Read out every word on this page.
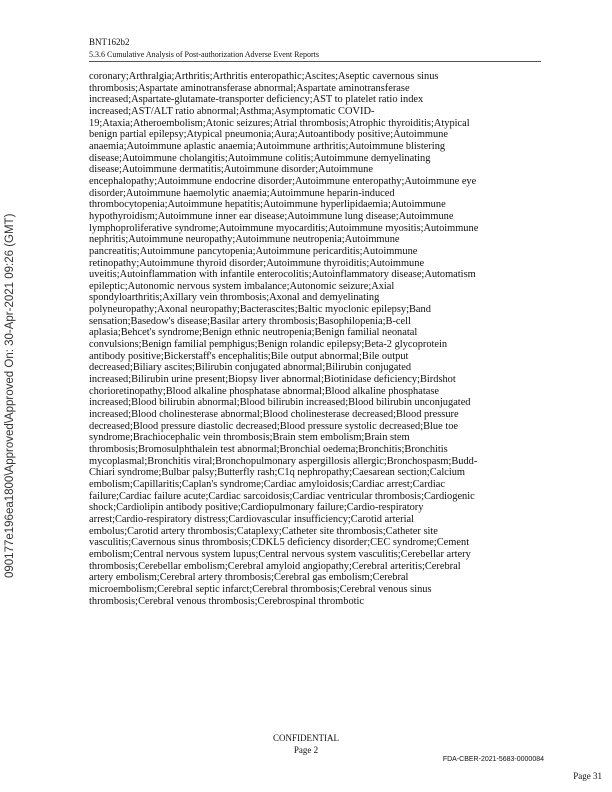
BNT162b2
5.3.6 Cumulative Analysis of Post-authorization Adverse Event Reports
coronary;Arthralgia;Arthritis;Arthritis enteropathic;Ascites;Aseptic cavernous sinus
thrombosis;Aspartate aminotransferase abnormal;Aspartate aminotransferase
increased;Aspartate-glutamate-transporter deficiency;AST to platelet ratio index
increased;AST/ALT ratio abnormal;Asthma;Asymptomatic COVID-
19;Ataxia;Atheroembolism;Atonic seizures;Atrial thrombosis;Atrophic thyroiditis;Atypical
benign partial epilepsy;Atypical pneumonia;Aura;Autoantibody positive;Autoimmune
anaemia;Autoimmune aplastic anaemia;Autoimmune arthritis;Autoimmune blistering
disease;Autoimmune cholangitis;Autoimmune colitis;Autoimmune demyelinating
disease;Autoimmune dermatitis;Autoimmune disorder;Autoimmune
encephalopathy;Autoimmune endocrine disorder;Autoimmune enteropathy;Autoimmune eye
disorder;Autoimmune haemolytic anaemia;Autoimmune heparin-induced
thrombocytopenia;Autoimmune hepatitis;Autoimmune hyperlipidaemia;Autoimmune
hypothyroidism;Autoimmune inner ear disease;Autoimmune lung disease;Autoimmune
lymphoproliferative syndrome;Autoimmune myocarditis;Autoimmune myositis;Autoimmune
nephritis;Autoimmune neuropathy;Autoimmune neutropenia;Autoimmune
pancreatitis;Autoimmune pancytopenia;Autoimmune pericarditis;Autoimmune
retinopathy;Autoimmune thyroid disorder;Autoimmune thyroiditis;Autoimmune
uveitis;Autoinflammation with infantile enterocolitis;Autoinflammatory disease;Automatism
epileptic;Autonomic nervous system imbalance;Autonomic seizure;Axial
spondyloarthritis;Axillary vein thrombosis;Axonal and demyelinating
polyneuropathy;Axonal neuropathy;Bacterascites;Baltic myoclonic epilepsy;Band
sensation;Basedow's disease;Basilar artery thrombosis;Basophilopenia;B-cell
aplasia;Behcet's syndrome;Benign ethnic neutropenia;Benign familial neonatal
convulsions;Benign familial pemphigus;Benign rolandic epilepsy;Beta-2 glycoprotein
antibody positive;Bickerstaff's encephalitis;Bile output abnormal;Bile output
decreased;Biliary ascites;Bilirubin conjugated abnormal;Bilirubin conjugated
increased;Bilirubin urine present;Biopsy liver abnormal;Biotinidase deficiency;Birdshot
chorioretinopathy;Blood alkaline phosphatase abnormal;Blood alkaline phosphatase
increased;Blood bilirubin abnormal;Blood bilirubin increased;Blood bilirubin unconjugated
increased;Blood cholinesterase abnormal;Blood cholinesterase decreased;Blood pressure
decreased;Blood pressure diastolic decreased;Blood pressure systolic decreased;Blue toe
syndrome;Brachiocephalic vein thrombosis;Brain stem embolism;Brain stem
thrombosis;Bromosulphthalein test abnormal;Bronchial oedema;Bronchitis;Bronchitis
mycoplasmal;Bronchitis viral;Bronchopulmonary aspergillosis allergic;Bronchospasm;Budd-
Chiari syndrome;Bulbar palsy;Butterfly rash;C1q nephropathy;Caesarean section;Calcium
embolism;Capillaritis;Caplan's syndrome;Cardiac amyloidosis;Cardiac arrest;Cardiac
failure;Cardiac failure acute;Cardiac sarcoidosis;Cardiac ventricular thrombosis;Cardiogenic
shock;Cardiolipin antibody positive;Cardiopulmonary failure;Cardio-respiratory
arrest;Cardio-respiratory distress;Cardiovascular insufficiency;Carotid arterial
embolus;Carotid artery thrombosis;Cataplexy;Catheter site thrombosis;Catheter site
vasculitis;Cavernous sinus thrombosis;CDKL5 deficiency disorder;CEC syndrome;Cement
embolism;Central nervous system lupus;Central nervous system vasculitis;Cerebellar artery
thrombosis;Cerebellar embolism;Cerebral amyloid angiopathy;Cerebral arteritis;Cerebral
artery embolism;Cerebral artery thrombosis;Cerebral gas embolism;Cerebral
microembolism;Cerebral septic infarct;Cerebral thrombosis;Cerebral venous sinus
thrombosis;Cerebral venous thrombosis;Cerebrospinal thrombotic
090177e196ea1800\Approved\Approved On: 30-Apr-2021 09:26 (GMT)
CONFIDENTIAL
Page 2
FDA-CBER-2021-5683-0000084
Page 31
